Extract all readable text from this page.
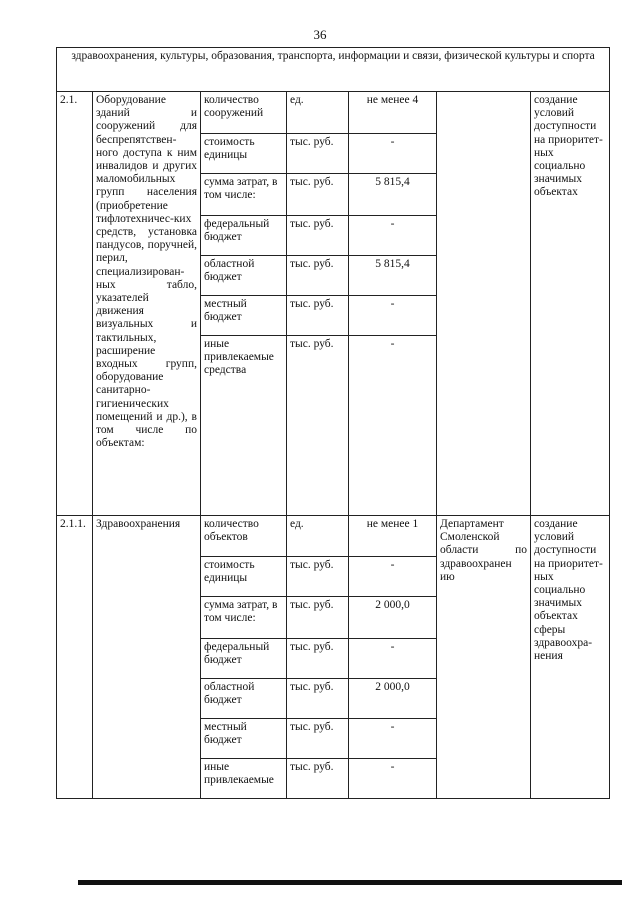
36
здравоохранения, культуры, образования, транспорта, информации и связи, физической культуры и спорта						
2.1.	Оборудование зданий и сооружений для беспрепятствен-ного доступа к ним инвалидов и других маломобильных групп населения (приобретение тифлотехничес-ких средств, установка пандусов, поручней, перил, специализирован-ных табло, указателей движения визуальных и тактильных, расширение входных групп, оборудование санитарно-гигиенических помещений и др.), в том числе по объектам:	количество сооружений	ед.	не менее 4		создание условий доступности на приоритет-ных социально значимых объектах
		стоимость единицы	тыс. руб.	-		
		сумма затрат, в том числе:	тыс. руб.	5 815,4		
		федеральный бюджет	тыс. руб.	-		
		областной бюджет	тыс. руб.	5 815,4		
		местный бюджет	тыс. руб.	-		
		иные привлекаемые средства	тыс. руб.	-		
2.1.1.	Здравоохранения	количество объектов	ед.	не менее 1	Департамент Смоленской области по здравоохранен ию	создание условий доступности на приоритет-ных социально значимых объектах сферы здравоохра-нения
		стоимость единицы	тыс. руб.	-		
		сумма затрат, в том числе:	тыс. руб.	2 000,0		
		федеральный бюджет	тыс. руб.	-		
		областной бюджет	тыс. руб.	2 000,0		
		местный бюджет	тыс. руб.	-		
		иные привлекаемые	тыс. руб.	-		
